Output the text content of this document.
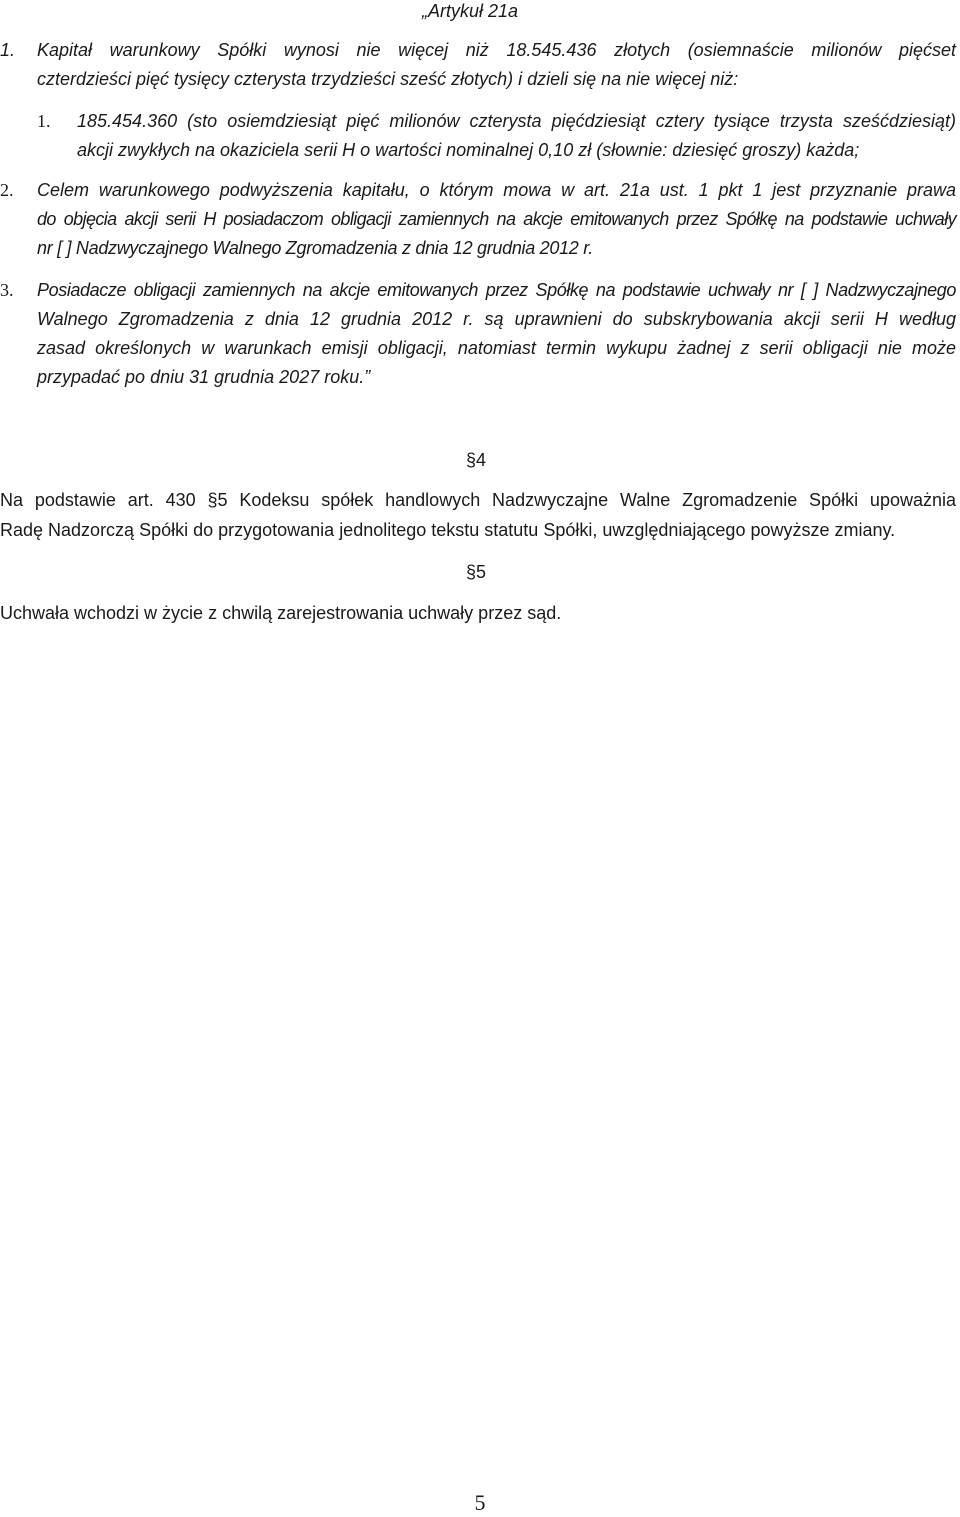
„Artykuł 21a
1. Kapitał warunkowy Spółki wynosi nie więcej niż 18.545.436 złotych (osiemnaście milionów pięćset
czterdzieści pięć tysięcy czterysta trzydzieści sześć złotych) i dzieli się na nie więcej niż:
1. 185.454.360 (sto osiemdziesiąt pięć milionów czterysta pięćdziesiąt cztery tysiące trzysta sześćdziesiąt)
akcji zwykłych na okaziciela serii H o wartości nominalnej 0,10 zł (słownie: dziesięć groszy) każda;
2. Celem warunkowego podwyższenia kapitału, o którym mowa w art. 21a ust. 1 pkt 1 jest przyznanie prawa
do objęcia akcji serii H posiadaczom obligacji zamiennych na akcje emitowanych przez Spółkę na podstawie uchwały
nr [ ] Nadzwyczajnego Walnego Zgromadzenia z dnia 12 grudnia 2012 r.
3. Posiadacze obligacji zamiennych na akcje emitowanych przez Spółkę na podstawie uchwały nr [ ] Nadzwyczajnego
Walnego Zgromadzenia z dnia 12 grudnia 2012 r. są uprawnieni do subskrybowania akcji serii H według
zasad określonych w warunkach emisji obligacji, natomiast termin wykupu żadnej z serii obligacji nie może
przypadać po dniu 31 grudnia 2027 roku.”
§4
Na podstawie art. 430 §5 Kodeksu spółek handlowych Nadzwyczajne Walne Zgromadzenie Spółki upoważnia
Radę Nadzorczą Spółki do przygotowania jednolitego tekstu statutu Spółki, uwzględniającego powyższe zmiany.
§5
Uchwała wchodzi w życie z chwilą zarejestrowania uchwały przez sąd.
5
